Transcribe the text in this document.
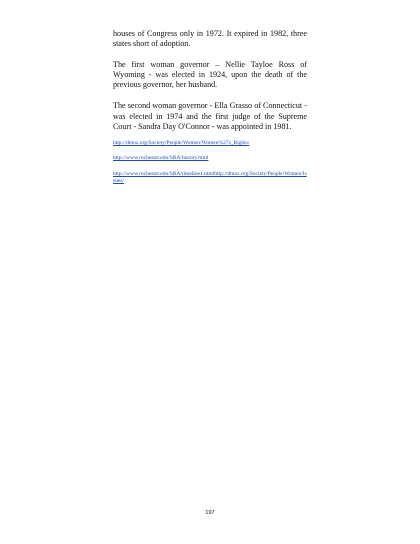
houses of Congress only in 1972. It expired in 1982, three states short of adoption.

The first woman governor – Nellie Tayloe Ross of Wyoming - was elected in 1924, upon the death of the previous governor, her husband.

The second woman governor - Ella Grasso of Connecticut - was elected in 1974 and the first judge of the Supreme Court - Sandra Day O'Connor - was appointed in 1981.

http://dmoz.org/Society/People/Women/Women%27s_Rights/
http://www.rochester.edu/SBA/history.html
http://www.rochester.edu/SBA/timeline1.htmlhttp://dmoz.org/Society/People/Women/Issues/
197
